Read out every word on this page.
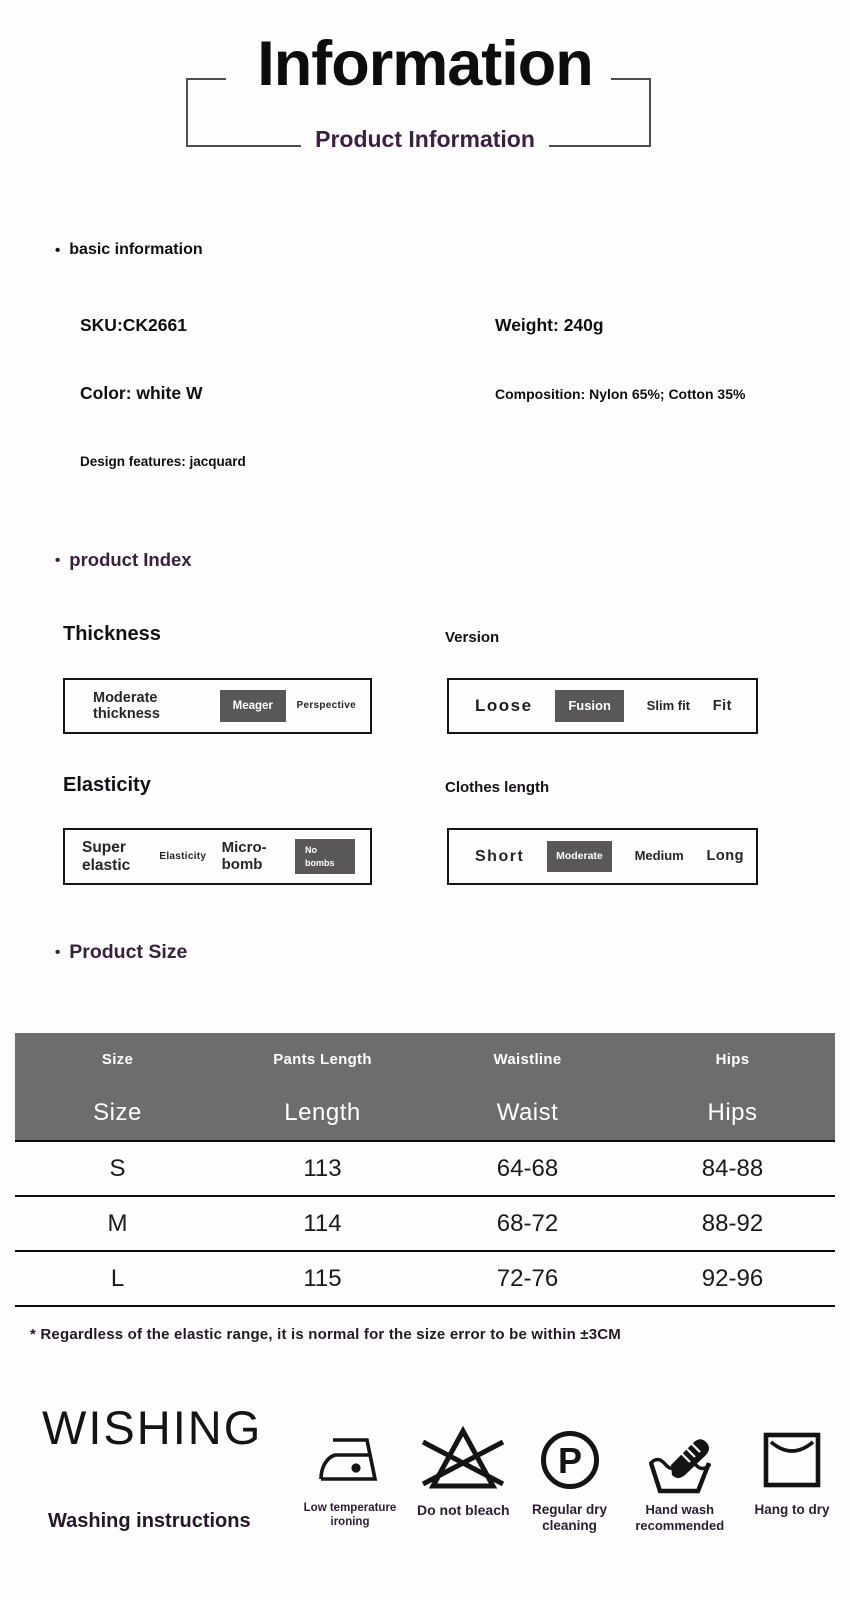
Information
Product Information
• basic information
SKU:CK2661	Weight: 240g
Color: white W	Composition: Nylon 65%; Cotton 35%
Design features: jacquard
• product Index
Thickness
Moderate thickness
Meager	Perspective
Version
Loose	Fusion	Slim fit Fit
Elasticity
Super elastic
Elasticity
Micro-bomb
No bombs
Clothes length
Short	Moderate	Medium Long
• Product Size
Size	Pants Length	Waistline	Hips
Size	Length	Waist	Hips
S	113	64-68	84-88
M	114	68-72	88-92
L	115	72-76	92-96
* Regardless of the elastic range, it is normal for the size error to be within ±3CM
WISHING
Washing instructions
Low temperature ironing
Do not bleach
P
Regular dry cleaning
Hand wash recommended
Hang to dry
